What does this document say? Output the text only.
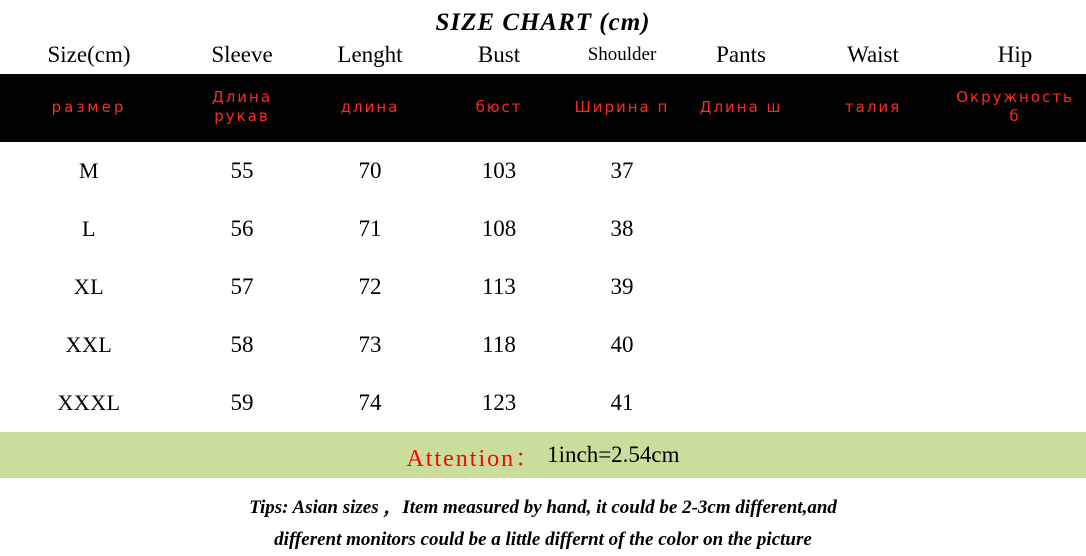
SIZE CHART (cm)
Size(cm)	Sleeve	Lenght	Bust	Shoulder	Pants	Waist	Hip
размер	Длина рукав	длина	бюст	Ширина п	Длина ш	талия	Окружность б
M	55	70	103	37			
L	56	71	108	38			
XL	57	72	113	39			
XXL	58	73	118	40			
XXXL	59	74	123	41			
Attention： 1inch=2.54cm
Tips: Asian sizes ，Item measured by hand, it could be 2-3cm different,and
different monitors could be a little differnt of the color on the picture
